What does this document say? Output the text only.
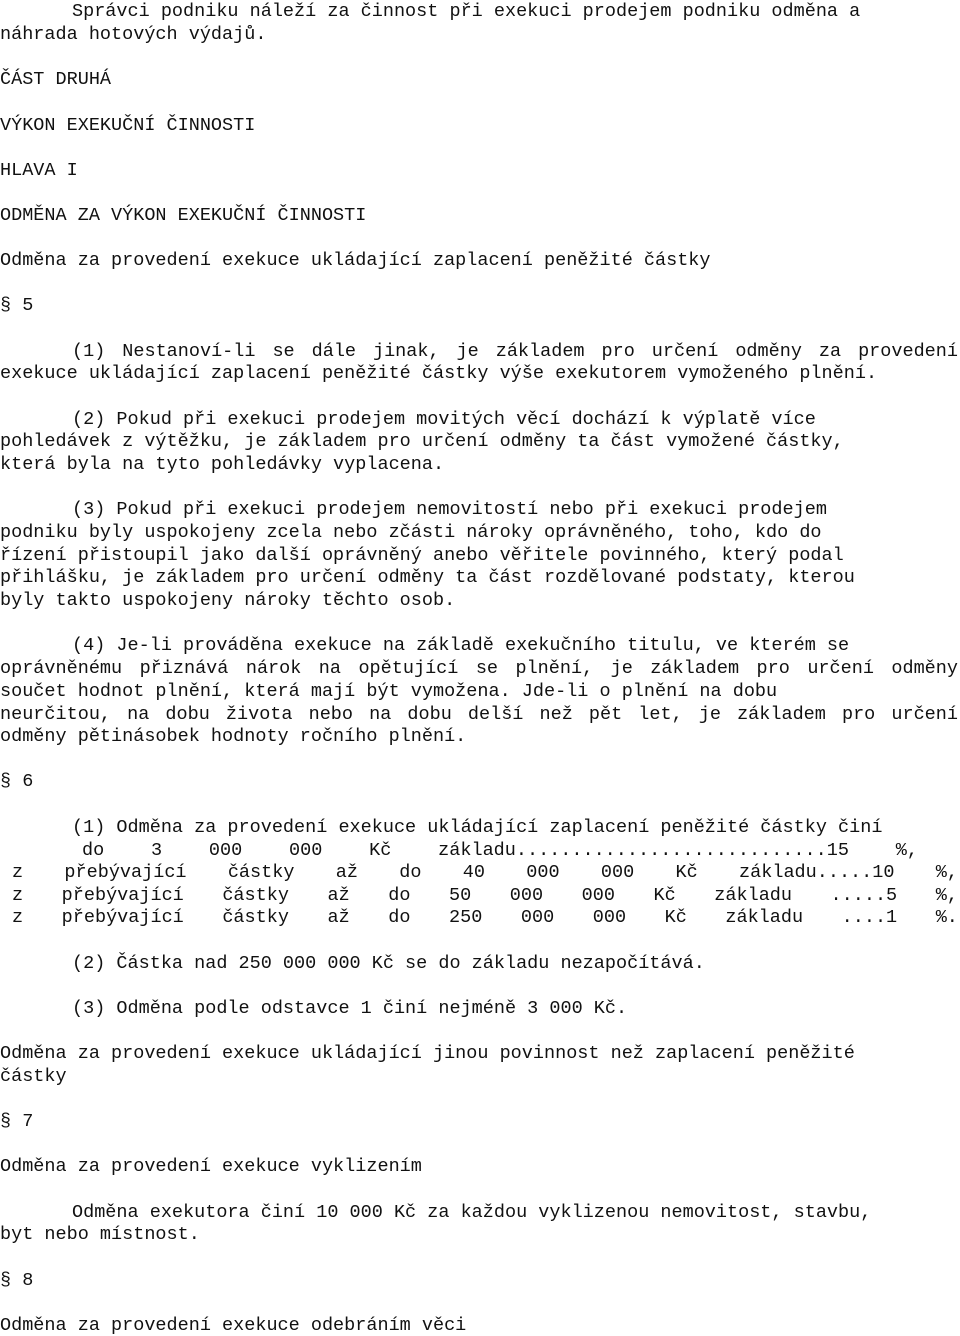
Správci podniku náleží za činnost při exekuci prodejem podniku odměna a
náhrada hotových výdajů.
ČÁST DRUHÁ
VÝKON EXEKUČNÍ ČINNOSTI
HLAVA I
ODMĚNA ZA VÝKON EXEKUČNÍ ČINNOSTI
Odměna za provedení exekuce ukládající zaplacení peněžité částky
§ 5
(1) Nestanoví-li se dále jinak, je základem pro určení odměny za provedení
exekuce ukládající zaplacení peněžité částky výše exekutorem vymoženého plnění.
(2) Pokud při exekuci prodejem movitých věcí dochází k výplatě více
pohledávek z výtěžku, je základem pro určení odměny ta část vymožené částky,
která byla na tyto pohledávky vyplacena.
(3) Pokud při exekuci prodejem nemovitostí nebo při exekuci prodejem
podniku byly uspokojeny zcela nebo zčásti nároky oprávněného, toho, kdo do
řízení přistoupil jako další oprávněný anebo věřitele povinného, který podal
přihlášku, je základem pro určení odměny ta část rozdělované podstaty, kterou
byly takto uspokojeny nároky těchto osob.
(4) Je-li prováděna exekuce na základě exekučního titulu, ve kterém se
oprávněnému přiznává nárok na opětující se plnění, je základem pro určení odměny
součet hodnot plnění, která mají být vymožena. Jde-li o plnění na dobu
neurčitou, na dobu života nebo na dobu delší než pět let, je základem pro určení
odměny pětinásobek hodnoty ročního plnění.
§ 6
(1) Odměna za provedení exekuce ukládající zaplacení peněžité částky činí
do	3	000	000	Kč	základu............................15	%,
z přebývající částky až do 40 000 000 Kč základu.....10 %,
z přebývající částky až do 50 000 000 Kč základu .....5 %,
z přebývající částky až do 250 000 000 Kč základu ....1 %.
(2) Částka nad 250 000 000 Kč se do základu nezapočítává.
(3) Odměna podle odstavce 1 činí nejméně 3 000 Kč.
Odměna za provedení exekuce ukládající jinou povinnost než zaplacení peněžité
částky
§ 7
Odměna za provedení exekuce vyklizením
Odměna exekutora činí 10 000 Kč za každou vyklizenou nemovitost, stavbu,
byt nebo místnost.
§ 8
Odměna za provedení exekuce odebráním věci
